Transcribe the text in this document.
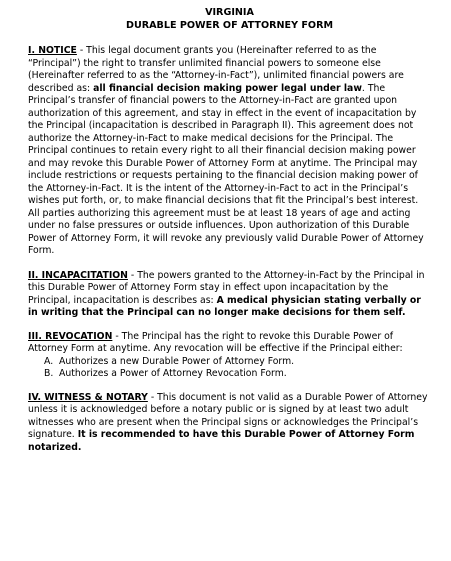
VIRGINIA
DURABLE POWER OF ATTORNEY FORM

I. NOTICE - This legal document grants you (Hereinafter referred to as the “Principal”) the right to transfer unlimited financial powers to someone else (Hereinafter referred to as the “Attorney-in-Fact”), unlimited financial powers are described as: all financial decision making power legal under law. The Principal’s transfer of financial powers to the Attorney-in-Fact are granted upon authorization of this agreement, and stay in effect in the event of incapacitation by the Principal (incapacitation is described in Paragraph II). This agreement does not authorize the Attorney-in-Fact to make medical decisions for the Principal. The Principal continues to retain every right to all their financial decision making power and may revoke this Durable Power of Attorney Form at anytime. The Principal may include restrictions or requests pertaining to the financial decision making power of the Attorney-in-Fact. It is the intent of the Attorney-in-Fact to act in the Principal’s wishes put forth, or, to make financial decisions that fit the Principal’s best interest. All parties authorizing this agreement must be at least 18 years of age and acting under no false pressures or outside influences. Upon authorization of this Durable Power of Attorney Form, it will revoke any previously valid Durable Power of Attorney Form.

II. INCAPACITATION - The powers granted to the Attorney-in-Fact by the Principal in this Durable Power of Attorney Form stay in effect upon incapacitation by the Principal, incapacitation is describes as: A medical physician stating verbally or in writing that the Principal can no longer make decisions for them self.

III. REVOCATION - The Principal has the right to revoke this Durable Power of Attorney Form at anytime. Any revocation will be effective if the Principal either:

A. Authorizes a new Durable Power of Attorney Form.
B. Authorizes a Power of Attorney Revocation Form.

IV. WITNESS & NOTARY - This document is not valid as a Durable Power of Attorney unless it is acknowledged before a notary public or is signed by at least two adult witnesses who are present when the Principal signs or acknowledges the Principal’s signature. It is recommended to have this Durable Power of Attorney Form notarized.
